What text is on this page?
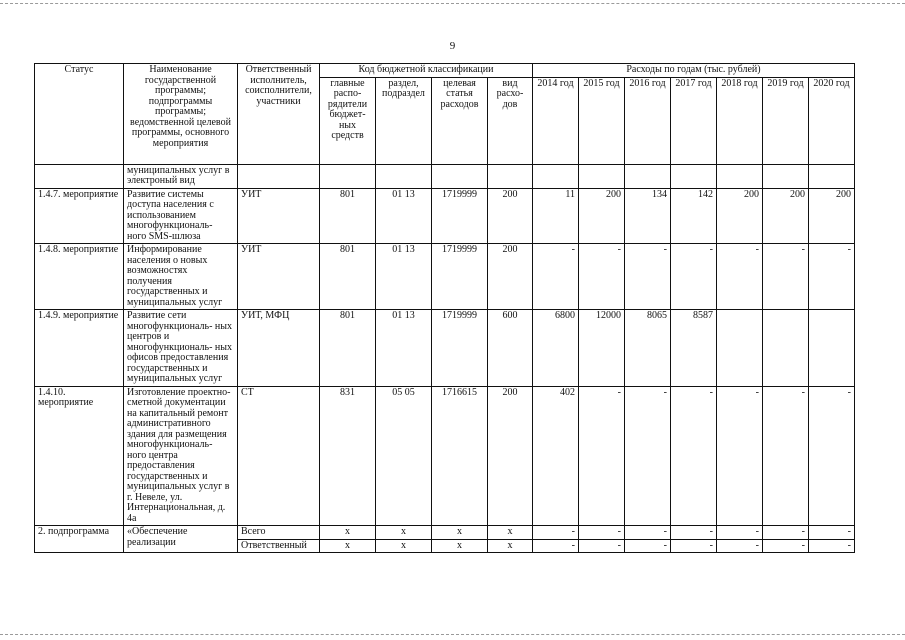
9
Статус	Наименование государственной программы; подпрограммы программы; ведомственной целевой программы, основного мероприятия	Ответственный исполнитель, соисполнители, участники	Код бюджетной классификации				Расходы по годам (тыс. рублей)						
			главные распо- рядители бюджет- ных средств	раздел, подраздел	целевая статья расходов	вид расхо- дов	2014 год	2015 год	2016 год	2017 год	2018 год	2019 год	2020 год
	муниципальных услуг в электроный вид												
1.4.7. мероприятие	Развитие системы доступа населения с использованием многофункциональ- ного SMS-шлюза	УИТ	801	01 13	1719999	200	11	200	134	142	200	200	200
1.4.8. мероприятие	Информирование населения о новых возможностях получения государственных и муниципальных услуг	УИТ	801	01 13	1719999	200	-	-	-	-	-	-	-
1.4.9. мероприятие	Развитие сети многофункциональ- ных центров и многофункциональ- ных офисов предоставления государственных и муниципальных услуг	УИТ, МФЦ	801	01 13	1719999	600	6800	12000	8065	8587			
1.4.10. мероприятие	Изготовление проектно-сметной документации на капитальный ремонт административного здания для размещения многофункциональ- ного центра предоставления государственных и муниципальных услуг в г. Невеле, ул. Интернациональная, д. 4а	СТ	831	05 05	1716615	200	402	-	-	-	-	-	-
2. подпрограмма	«Обеспечение реализации	Всего	x	x	x	x	-	-	-	-	-	-	-
		Ответственный	x	x	x	x	-	-	-	-	-	-	-
